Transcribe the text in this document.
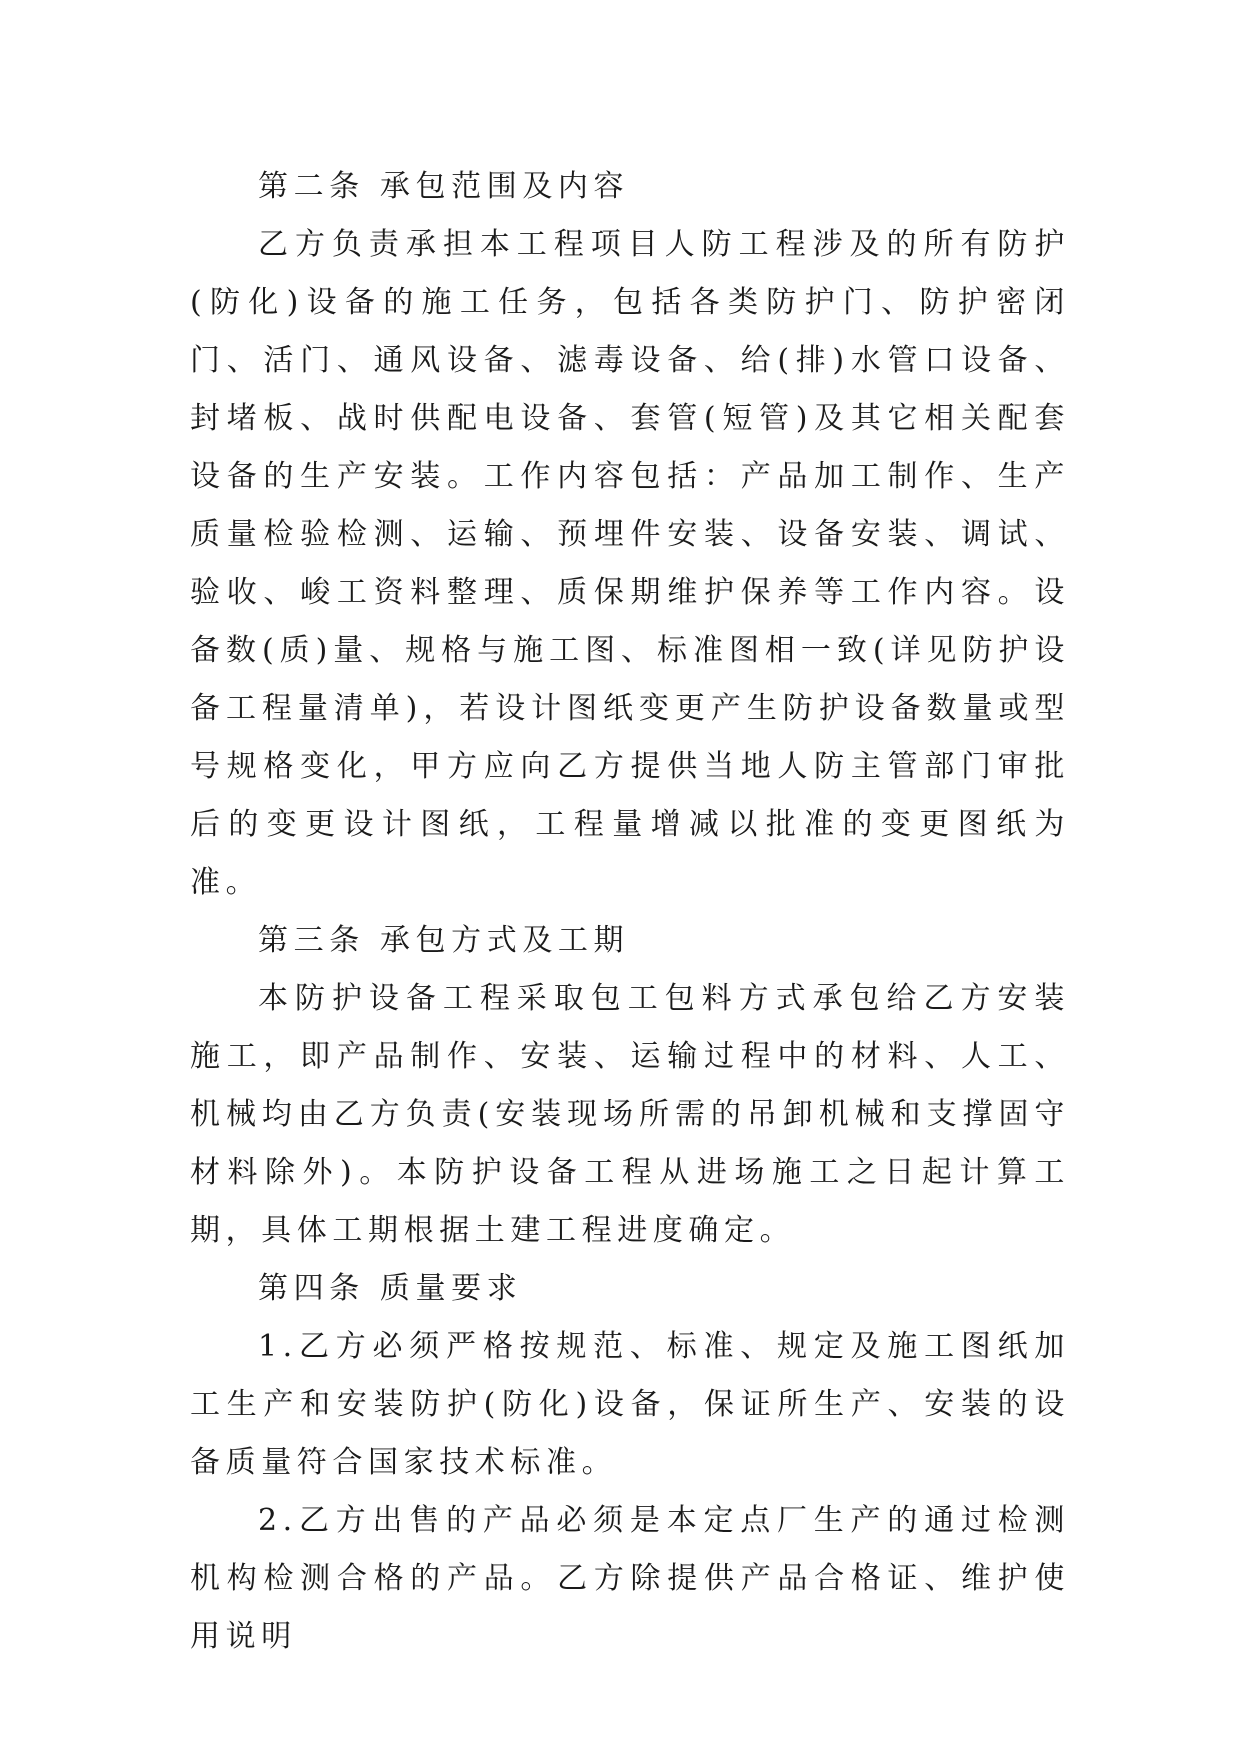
第二条 承包范围及内容

乙方负责承担本工程项目人防工程涉及的所有防护(防化)设备的施工任务，包括各类防护门、防护密闭门、活门、通风设备、滤毒设备、给(排)水管口设备、封堵板、战时供配电设备、套管(短管)及其它相关配套设备的生产安装。工作内容包括：产品加工制作、生产质量检验检测、运输、预埋件安装、设备安装、调试、验收、峻工资料整理、质保期维护保养等工作内容。设备数(质)量、规格与施工图、标准图相一致(详见防护设备工程量清单)，若设计图纸变更产生防护设备数量或型号规格变化，甲方应向乙方提供当地人防主管部门审批后的变更设计图纸，工程量增减以批准的变更图纸为准。

第三条 承包方式及工期

本防护设备工程采取包工包料方式承包给乙方安装施工，即产品制作、安装、运输过程中的材料、人工、机械均由乙方负责(安装现场所需的吊卸机械和支撑固守材料除外)。本防护设备工程从进场施工之日起计算工期，具体工期根据土建工程进度确定。

第四条 质量要求

1.乙方必须严格按规范、标准、规定及施工图纸加工生产和安装防护(防化)设备，保证所生产、安装的设备质量符合国家技术标准。

2.乙方出售的产品必须是本定点厂生产的通过检测机构检测合格的产品。乙方除提供产品合格证、维护使用说明
